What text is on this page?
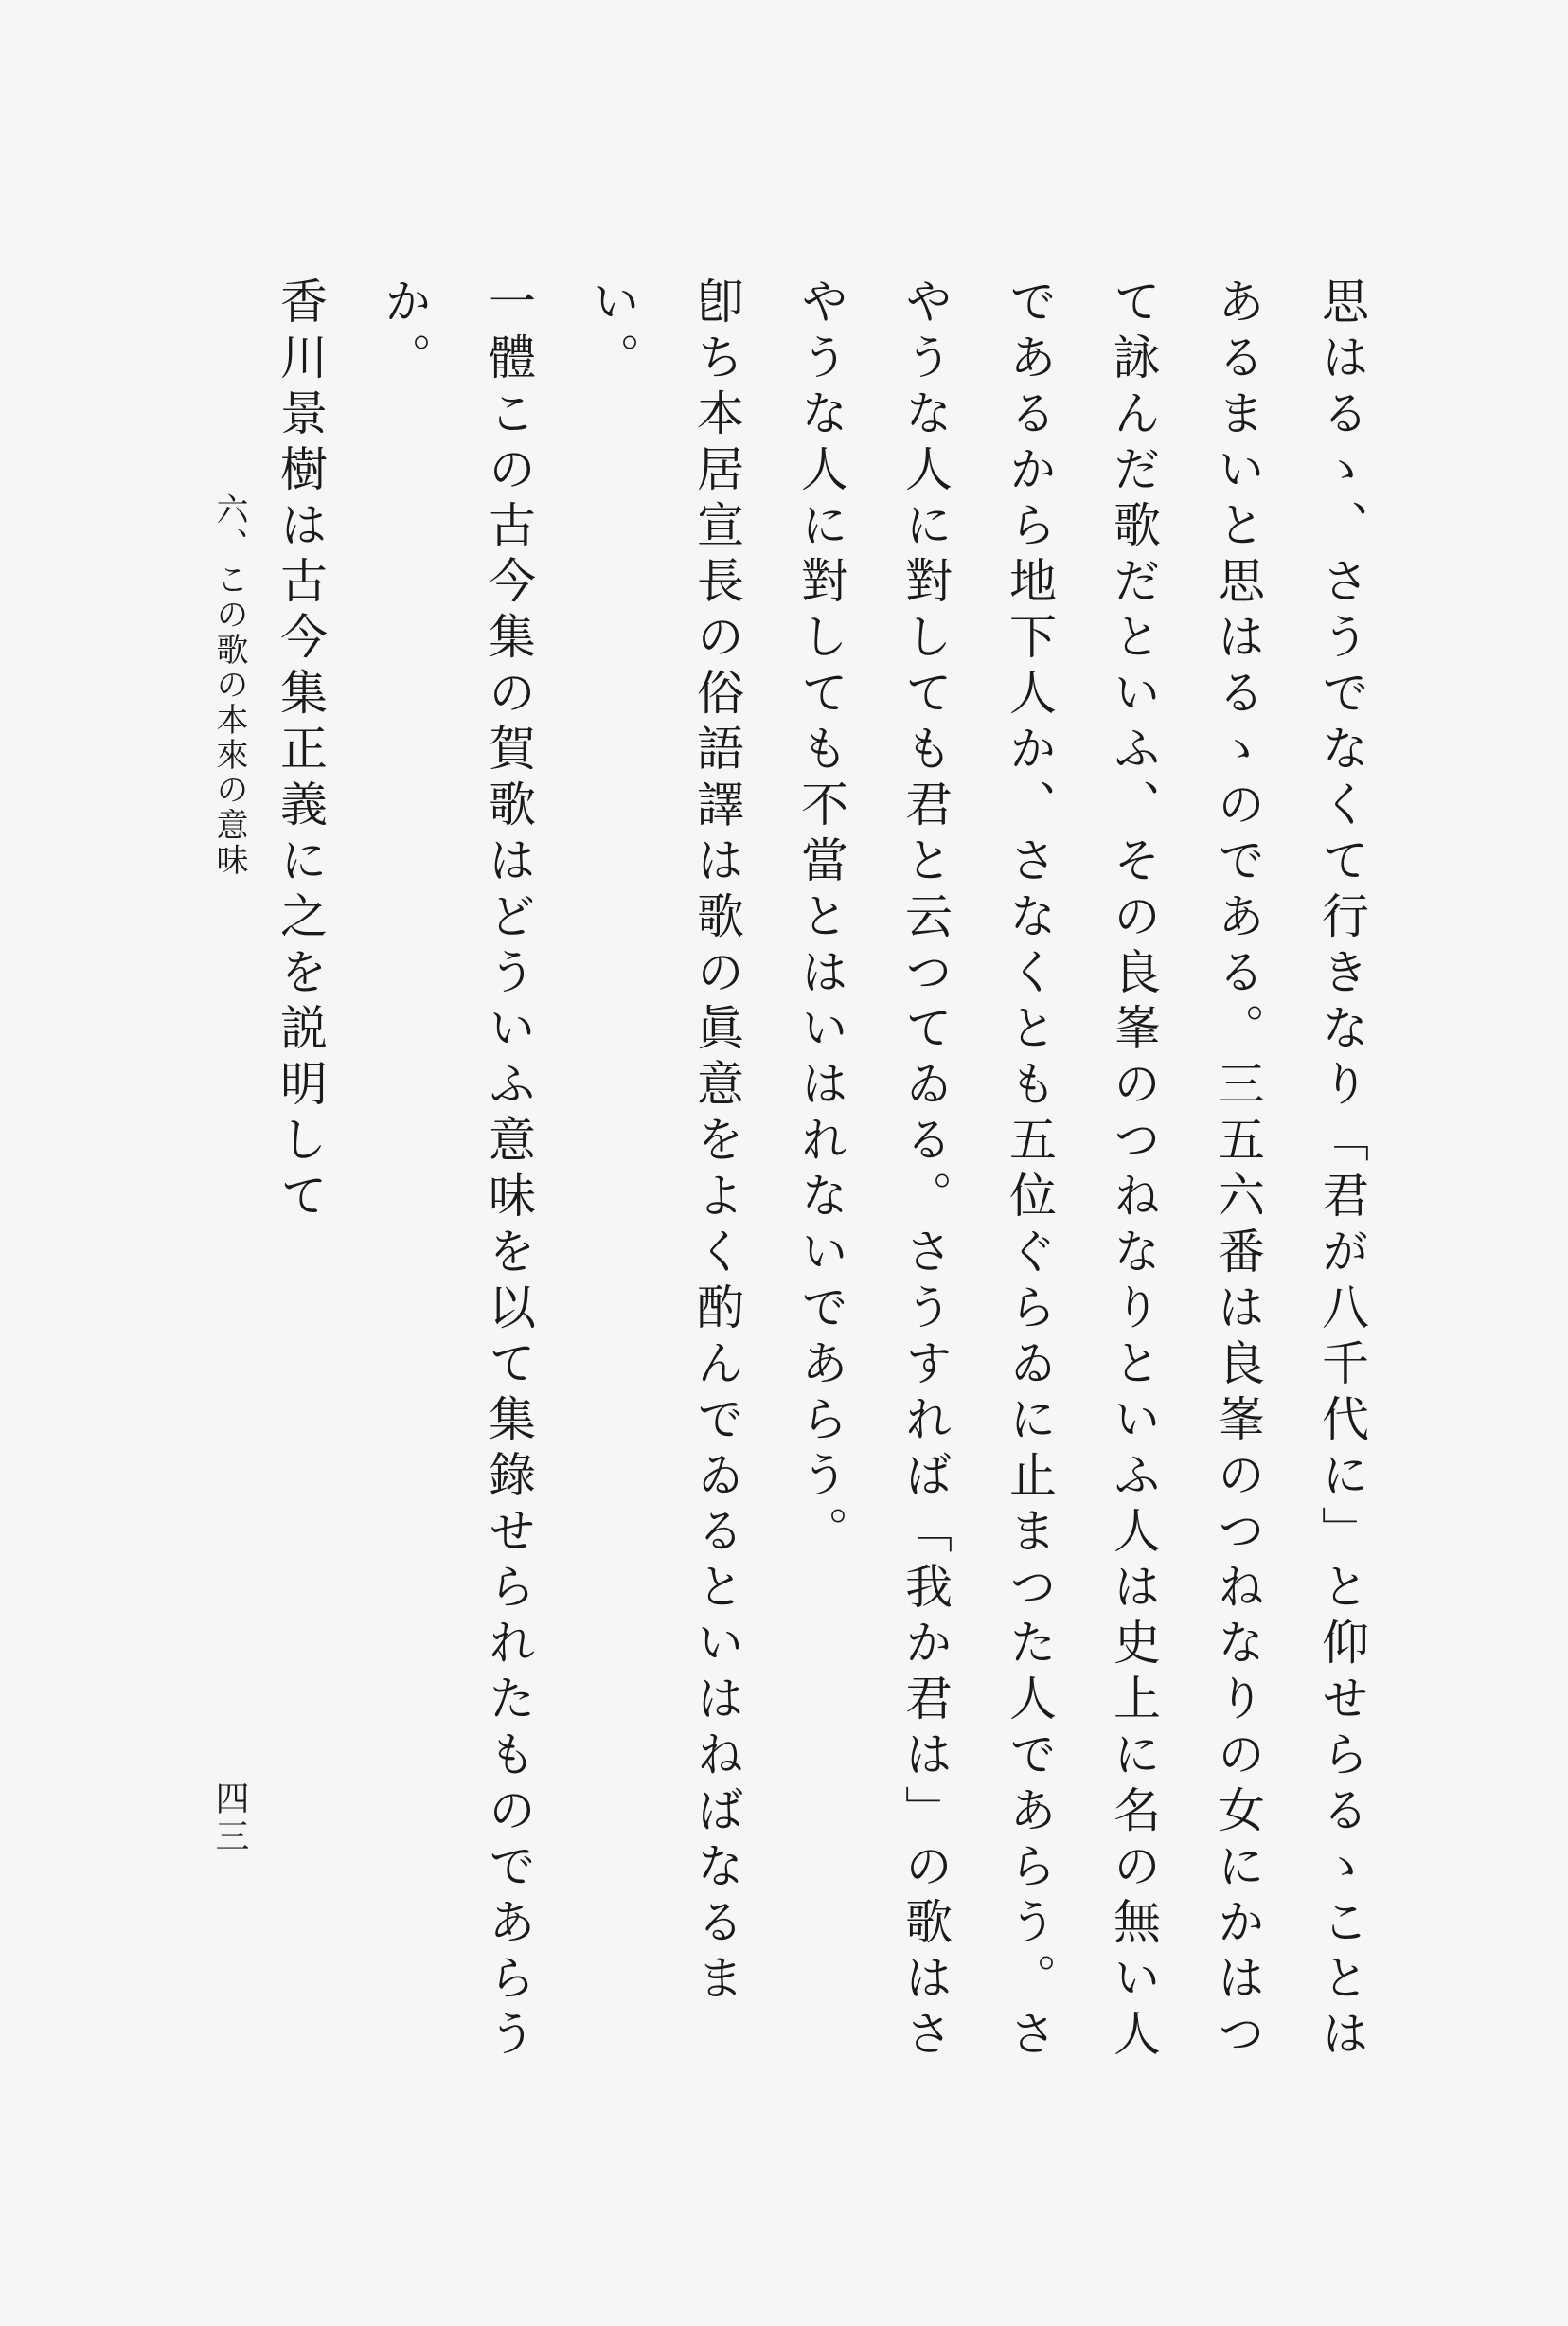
思はるゝ、さうでなくて行きなり「君が八千代に」と仰せらるゝことはあるまいと思はるゝのである。三五六番は良峯のつねなりの女にかはつて詠んだ歌だといふ、その良峯のつねなりといふ人は史上に名の無い人であるから地下人か、さなくとも五位ぐらゐに止まつた人であらう。さやうな人に對しても君と云つてゐる。さうすれば「我か君は」の歌はさやうな人に對しても不當とはいはれないであらう。

卽ち本居宣長の俗語譯は歌の眞意をよく酌んでゐるといはねばなるまい。

一體この古今集の賀歌はどういふ意味を以て集錄せられたものであらうか。

香川景樹は古今集正義に之を説明して

六、この歌の本來の意味
四三
